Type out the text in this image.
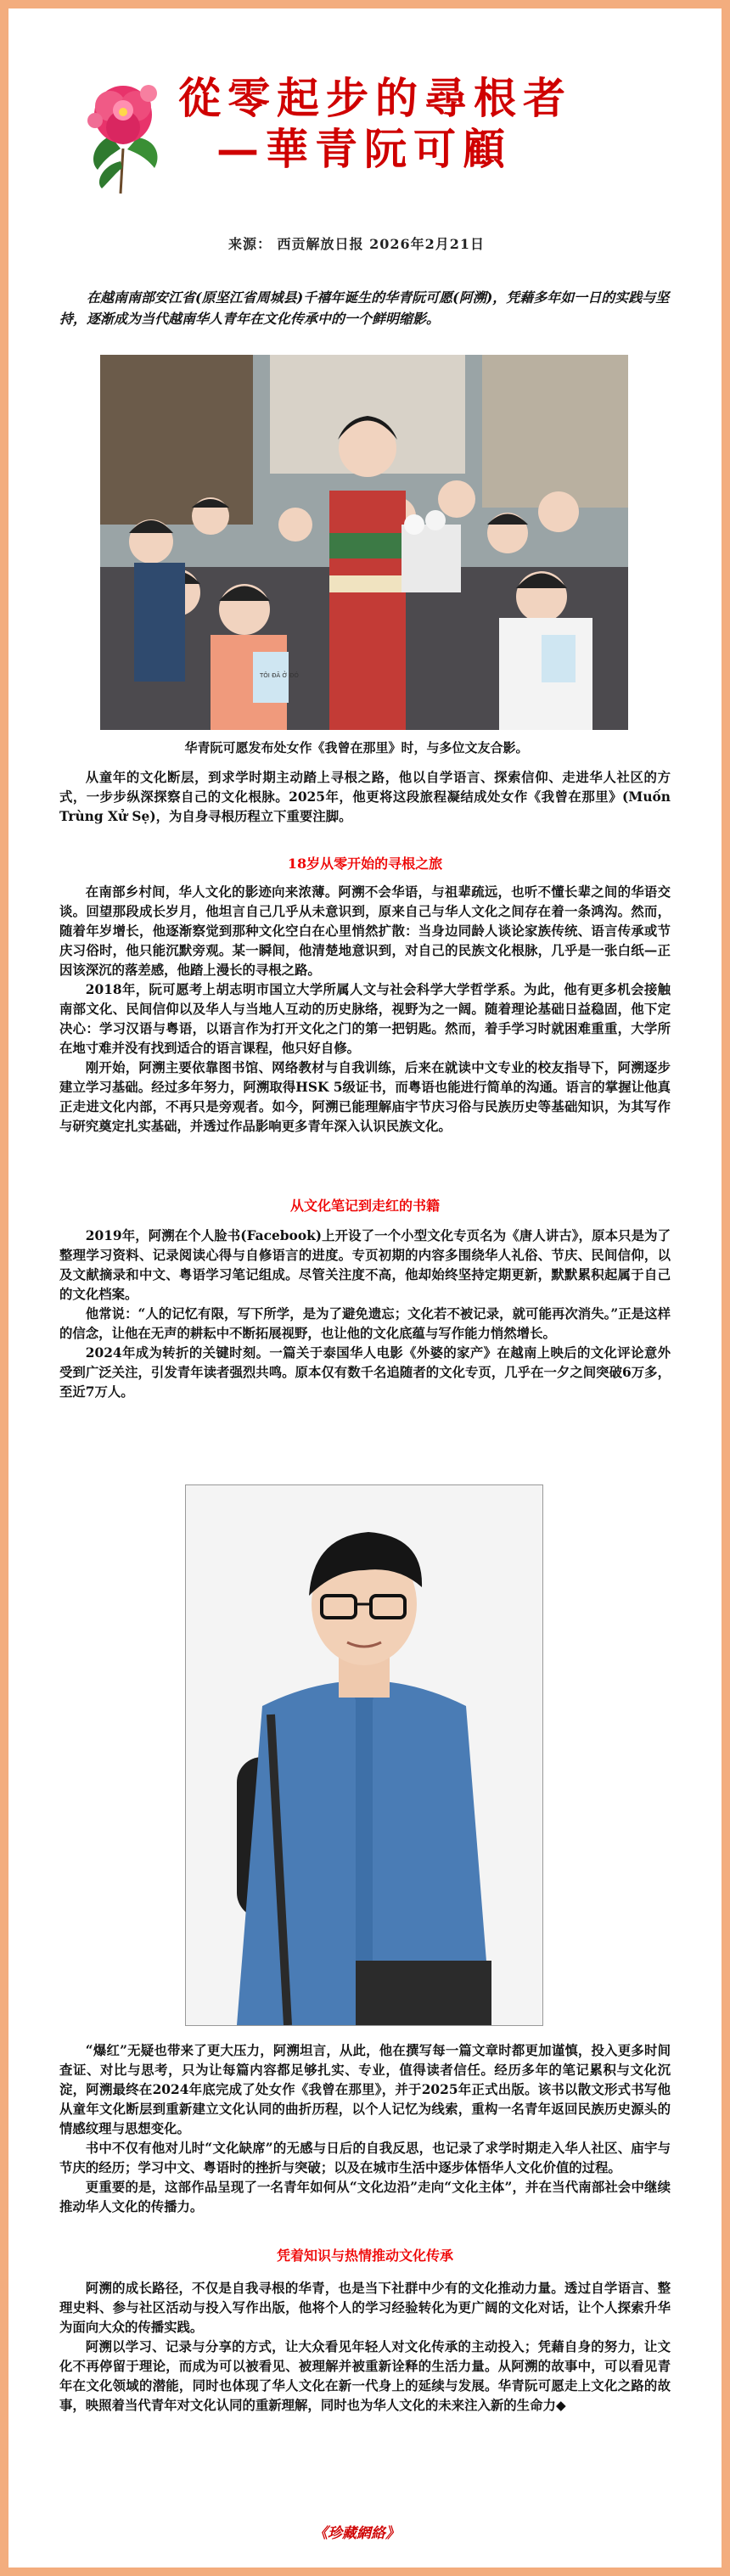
從零起步的尋根者
—華青阮可顧
来源： 西贡解放日报 2026年2月21日
在越南南部安江省(原坚江省周城县)千禧年诞生的华青阮可愿(阿溯)，凭藉多年如一日的实践与坚持，逐渐成为当代越南华人青年在文化传承中的一个鲜明缩影。
TÔI ĐÃ Ở ĐÓ
华青阮可愿发布处女作《我曾在那里》时，与多位文友合影。

从童年的文化断层，到求学时期主动踏上寻根之路，他以自学语言、探索信仰、走进华人社区的方式，一步步纵深探察自己的文化根脉。2025年，他更将这段旅程凝结成处女作《我曾在那里》(Muốn Trùng Xử Sẹ)，为自身寻根历程立下重要注脚。

18岁从零开始的寻根之旅

在南部乡村间，华人文化的影迹向来浓薄。阿溯不会华语，与祖辈疏远，也听不懂长辈之间的华语交谈。回望那段成长岁月，他坦言自己几乎从未意识到，原来自己与华人文化之间存在着一条鸿沟。然而，随着年岁增长，他逐渐察觉到那种文化空白在心里悄然扩散：当身边同龄人谈论家族传统、语言传承或节庆习俗时，他只能沉默旁观。某一瞬间，他清楚地意识到，对自己的民族文化根脉，几乎是一张白纸—正因该深沉的落差感，他踏上漫长的寻根之路。

2018年，阮可愿考上胡志明市国立大学所属人文与社会科学大学哲学系。为此，他有更多机会接触南部文化、民间信仰以及华人与当地人互动的历史脉络，视野为之一阔。随着理论基础日益稳固，他下定决心：学习汉语与粤语，以语言作为打开文化之门的第一把钥匙。然而，着手学习时就困难重重，大学所在地寸难并没有找到适合的语言课程，他只好自修。

刚开始，阿溯主要依靠图书馆、网络教材与自我训练，后来在就读中文专业的校友指导下，阿溯逐步建立学习基础。经过多年努力，阿溯取得HSK 5级证书，而粤语也能进行简单的沟通。语言的掌握让他真正走进文化内部，不再只是旁观者。如今，阿溯已能理解庙宇节庆习俗与民族历史等基础知识，为其写作与研究奠定扎实基础，并透过作品影响更多青年深入认识民族文化。

从文化笔记到走红的书籍

2019年，阿溯在个人脸书(Facebook)上开设了一个小型文化专页名为《唐人讲古》，原本只是为了整理学习资料、记录阅读心得与自修语言的进度。专页初期的内容多围绕华人礼俗、节庆、民间信仰，以及文献摘录和中文、粤语学习笔记组成。尽管关注度不高，他却始终坚持定期更新，默默累积起属于自己的文化档案。

他常说：“人的记忆有限，写下所学，是为了避免遗忘；文化若不被记录，就可能再次消失。”正是这样的信念，让他在无声的耕耘中不断拓展视野，也让他的文化底蕴与写作能力悄然增长。

2024年成为转折的关键时刻。一篇关于泰国华人电影《外婆的家产》在越南上映后的文化评论意外受到广泛关注，引发青年读者强烈共鸣。原本仅有数千名追随者的文化专页，几乎在一夕之间突破6万多，至近7万人。

“爆红”无疑也带来了更大压力，阿溯坦言，从此，他在撰写每一篇文章时都更加谨慎，投入更多时间查证、对比与思考，只为让每篇内容都足够扎实、专业，值得读者信任。经历多年的笔记累积与文化沉淀，阿溯最终在2024年底完成了处女作《我曾在那里》，并于2025年正式出版。该书以散文形式书写他从童年文化断层到重新建立文化认同的曲折历程，以个人记忆为线索，重构一名青年返回民族历史源头的情感纹理与思想变化。

书中不仅有他对儿时“文化缺席”的无感与日后的自我反思，也记录了求学时期走入华人社区、庙宇与节庆的经历；学习中文、粤语时的挫折与突破；以及在城市生活中逐步体悟华人文化价值的过程。

更重要的是，这部作品呈现了一名青年如何从“文化边沿”走向“文化主体”，并在当代南部社会中继续推动华人文化的传播力。

凭着知识与热情推动文化传承

阿溯的成长路径，不仅是自我寻根的华青，也是当下社群中少有的文化推动力量。透过自学语言、整理史料、参与社区活动与投入写作出版，他将个人的学习经验转化为更广阔的文化对话，让个人探索升华为面向大众的传播实践。

阿溯以学习、记录与分享的方式，让大众看见年轻人对文化传承的主动投入；凭藉自身的努力，让文化不再停留于理论，而成为可以被看见、被理解并被重新诠释的生活力量。从阿溯的故事中，可以看见青年在文化领域的潜能，同时也体现了华人文化在新一代身上的延续与发展。华青阮可愿走上文化之路的故事，映照着当代青年对文化认同的重新理解，同时也为华人文化的未来注入新的生命力◆

《珍藏網絡》
